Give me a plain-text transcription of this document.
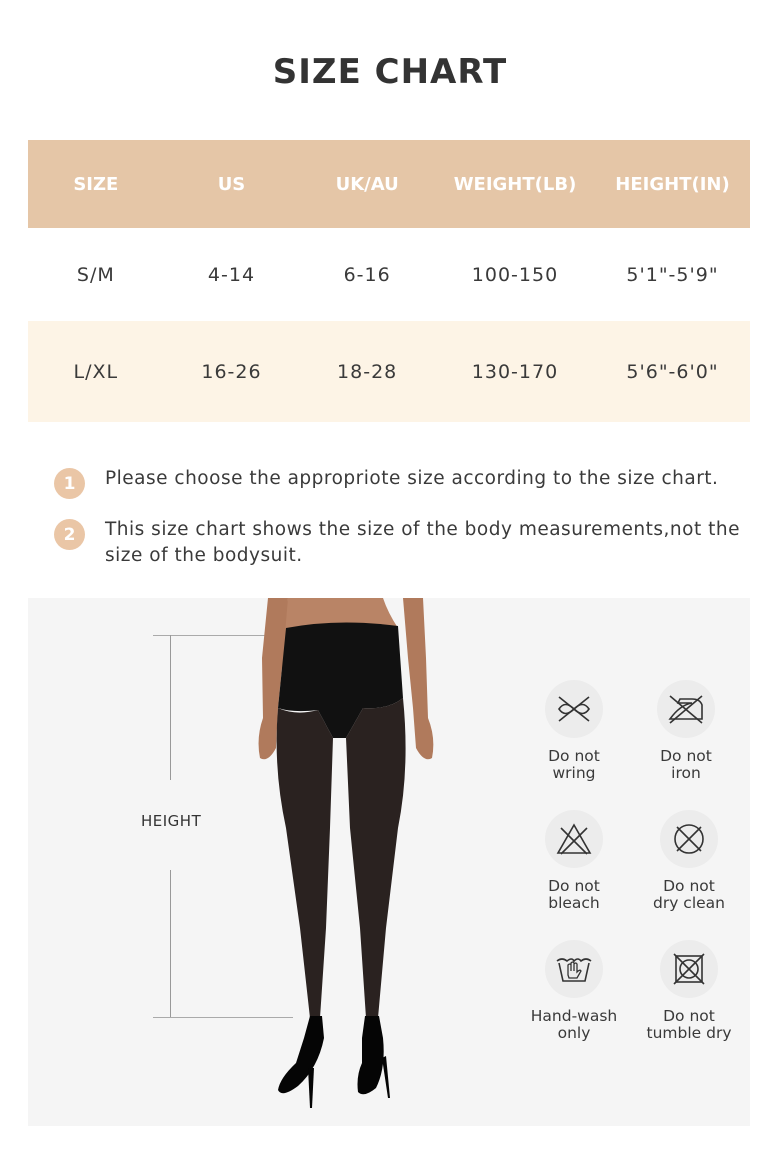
SIZE CHART
SIZE	US	UK/AU	WEIGHT(LB)	HEIGHT(IN)
S/M	4-14	6-16	100-150	5'1"-5'9"
L/XL	16-26	18-28	130-170	5'6"-6'0"
1	Please choose the appropriote size according to the size chart.
2	This size chart shows the size of the body measurements,not the size of the bodysuit.
HEIGHT
Do not
wring
Do not
iron
Do not
bleach
Do not
dry clean
Hand-wash
only
Do not
tumble dry
